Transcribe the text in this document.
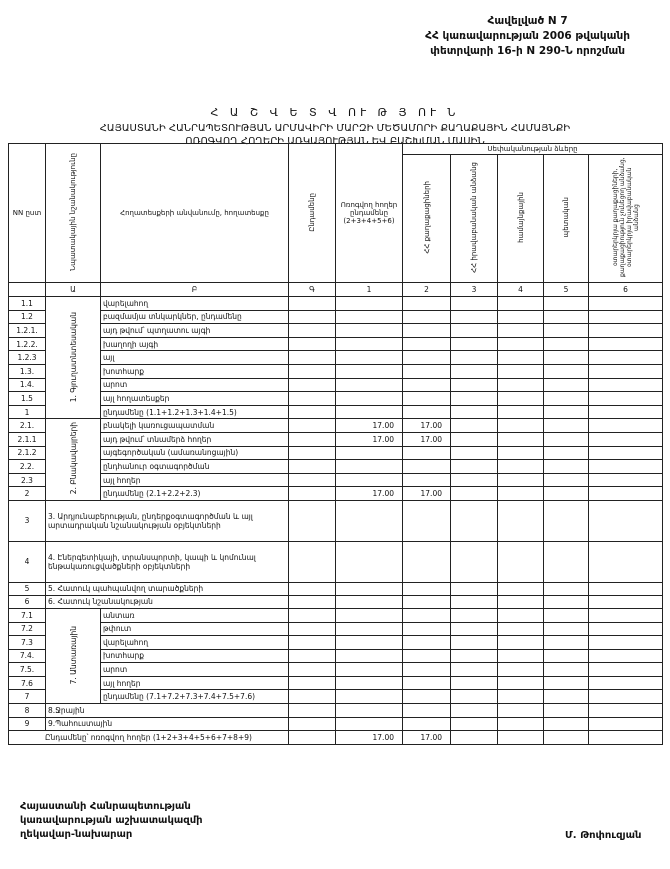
Հավելված N 7
ՀՀ կառավարության 2006 թվականի
փետրվարի 16-ի N 290-Ն որոշման
Հ Ա Շ Վ Ե Տ Վ ՈՒ Թ Յ ՈՒ Ն
ՀԱՅԱՍՏԱՆԻ ՀԱՆՐԱՊԵՏՈՒԹՅԱՆ ԱՐՄԱՎԻՐԻ ՄԱՐԶԻ ՄԵԾԱՄՈՐԻ ՔԱՂԱՔԱՅԻՆ ՀԱՄԱՅՆՔԻ
ՈՌՈԳՎՈՂ ՀՈՂԵՐԻ ԱՌԿԱՅՈՒԹՅԱՆ ԵՎ ԲԱՇԽՄԱՆ ՄԱՍԻՆ
NN ըստ	Նպատակային նշանակությունը	Հողատեսքերի անվանումը, հողատեսքը	Ընդամենը	Ոռոգվող հողեր ընդամենը (2+3+4+5+6)	Սեփականության ձևերը				
					ՀՀ քաղաքացիների	ՀՀ իրավաբանական անձանց	համայնքային	պետական	օտարերկրյա քաղաքացիների, քաղաքացիություն չունեցող անձանց, օտարերկրյա իրավաբանական անձանց
	Ա	Բ	Գ	1	2	3	4	5	6
1.1	1. Գյուղատնտեսական	վարելահող							
1.2		բազմամյա տնկարկներ, ընդամենը							
1.2.1.		այդ թվում՝ պտղատու այգի							
1.2.2.		խաղողի այգի							
1.2.3		այլ							
1.3.		խոտհարք							
1.4.		արոտ							
1.5		այլ հողատեսքեր							
1		ընդամենը (1.1+1.2+1.3+1.4+1.5)							
2.1.	2. Բնակավայրերի	բնակելի կառուցապատման		17.00	17.00				
2.1.1		այդ թվում՝ տնամերձ հողեր		17.00	17.00				
2.1.2		այգեգործական (ամառանոցային)							
2.2.		ընդհանուր օգտագործման							
2.3		այլ հողեր							
2		ընդամենը (2.1+2.2+2.3)		17.00	17.00				
3	3. Արդյունաբերության, ընդերքօգտագործման և այլ արտադրական նշանակության օբյեկտների								
4	4. Էներգետիկայի, տրանսպորտի, կապի և կոմունալ ենթակառուցվածքների օբյեկտների								
5	5. Հատուկ պահպանվող տարածքների								
6	6. Հատուկ նշանակության								
7.1	7. Անտառային	անտառ							
7.2		թփուտ							
7.3		վարելահող							
7.4.		խոտհարք							
7.5.		արոտ							
7.6		այլ հողեր							
7		ընդամենը (7.1+7.2+7.3+7.4+7.5+7.6)							
8	8.Ջրային								
9	9.Պահուստային								
Ընդամենը՝ ոռոգվող հողեր (1+2+3+4+5+6+7+8+9)				17.00	17.00				
Հայաստանի Հանրապետության
կառավարության աշխատակազմի
ղեկավար-նախարար	Մ. Թոփուզյան
